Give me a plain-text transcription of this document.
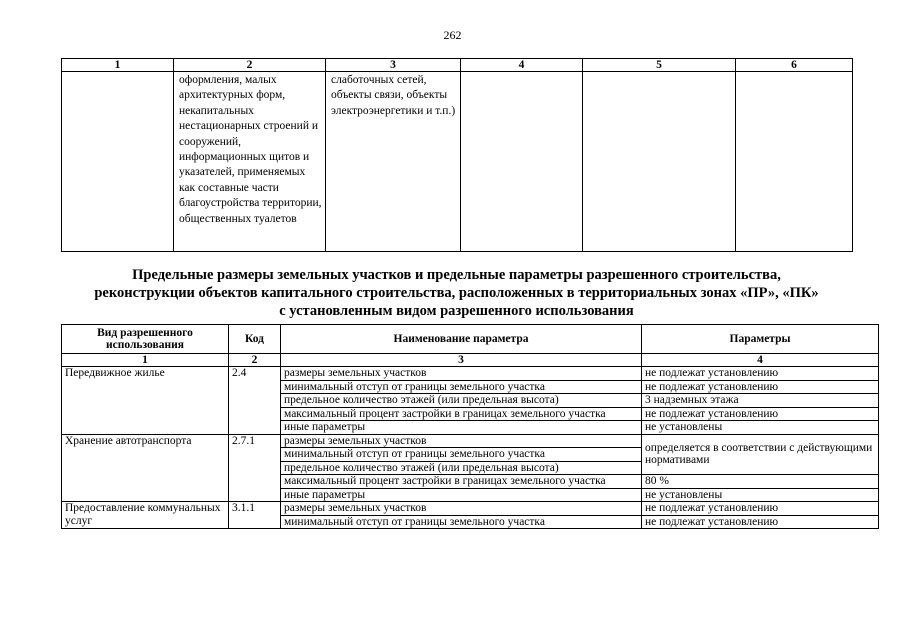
262
1	2	3	4	5	6
	оформления, малых архитектурных форм, некапитальных нестационарных строений и сооружений, информационных щитов и указателей, применяемых как составные части благоустройства территории, общественных туалетов	слаботочных сетей, объекты связи, объекты электроэнергетики и т.п.)			
Предельные размеры земельных участков и предельные параметры разрешенного строительства,
реконструкции объектов капитального строительства, расположенных в территориальных зонах «ПР», «ПК»
с установленным видом разрешенного использования
Вид разрешенного использования	Код	Наименование параметра	Параметры
1	2	3	4
Передвижное жилье	2.4	размеры земельных участков	не подлежат установлению
		минимальный отступ от границы земельного участка	не подлежат установлению
		предельное количество этажей (или предельная высота)	3 надземных этажа
		максимальный процент застройки в границах земельного участка	не подлежат установлению
		иные параметры	не установлены
Хранение автотранспорта	2.7.1	размеры земельных участков	определяется в соответствии с действующими нормативами
		минимальный отступ от границы земельного участка	
		предельное количество этажей (или предельная высота)	
		максимальный процент застройки в границах земельного участка	80 %
		иные параметры	не установлены
Предоставление коммунальных услуг	3.1.1	размеры земельных участков	не подлежат установлению
		минимальный отступ от границы земельного участка	не подлежат установлению
